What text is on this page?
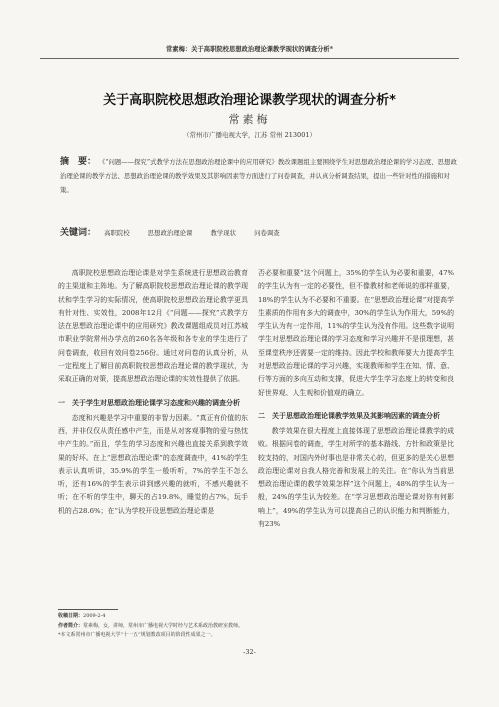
常素梅：关于高职院校思想政治理论课教学现状的调查分析*
关于高职院校思想政治理论课教学现状的调查分析*
常素梅
（常州市广播电视大学，江苏 常州 213001）
摘　要： 《“问题——探究”式教学方法在思想政治理论课中的应用研究》教改课题组主要围绕学生对思想政治理论课的学习态度、思想政治理论课的教学方法、思想政治理论课的教学效果及其影响因素等方面进行了问卷调查，并认真分析调查结果，提出一些针对性的措施和对策。
关键词： 高职院校	思想政治理论课	教学现状	问卷调查

高职院校思想政治理论课是对学生系统进行思想政治教育的主渠道和主阵地。为了解高职院校思想政治理论课的教学现状和学生学习的实际情况，使高职院校思想政治理论教学更具有针对性、实效性，2008年12月《“问题——探究”式教学方法在思想政治理论课中的应用研究》教改课题组成员对江苏城市职业学院常州办学点的260名各年级和各专业的学生进行了问卷调查，收回有效问卷256份。通过对问卷的认真分析，从一定程度上了解目前高职院校思想政治理论课的教学现状，为采取正确的对策，提高思想政治理论课的实效性提供了依据。

一　关于学生对思想政治理论课学习态度和兴趣的调查分析

态度和兴趣是学习中重要的非智力因素。“真正有价值的东西，并非仅仅从责任感中产生，而是从对客观事物的爱与热忱中产生的。”而且，学生的学习态度和兴趣也直接关系到教学效果的好坏。在上“思想政治理论课”的态度调查中，41%的学生表示认真听讲，35.9%的学生一般听听，7%的学生不怎么听，还有16%的学生表示讲到感兴趣的就听，不感兴趣就不听；在不听的学生中，聊天的占19.8%，睡觉的占7%，玩手机的占28.6%；在“认为学校开设思想政治理论课是

否必要和重要”这个问题上，35%的学生认为必要和重要，47%的学生认为有一定的必要性，但不像教材和老师说的那样重要，18%的学生认为不必要和不重要。在“思想政治理论课”对提高学生素质的作用有多大的调查中，30%的学生认为作用大，59%的学生认为有一定作用，11%的学生认为没有作用。这些数字说明学生对思想政治理论课的学习态度和学习兴趣并不是很理想，甚至课堂秩序还需要一定的维持。因此学校和教师要大力提高学生对思想政治理论课的学习兴趣，实现教师和学生在知、情、意、行等方面的多向互动和支撑，促进大学生学习态度上的转变和良好世界观、人生观和价值观的确立。

二　关于思想政治理论课教学效果及其影响因素的调查分析

教学效果在很大程度上直接体现了思想政治理论课教学的成败。根据问卷的调查，学生对所学的基本路线、方针和政策是比较支持的，对国内外时事也是非常关心的，但更多的是关心思想政治理论课对自我人格完善和发展上的关注。在“你认为当前思想政治理论课的教学效果怎样”这个问题上，48%的学生认为一般，24%的学生认为较差。在“学习思想政治理论课对你有何影响上”，49%的学生认为可以提高自己的认识能力和判断能力，有23%

收稿日期：2009-2-4
作者简介：常素梅，女，讲师，常州市广播电视大学时经与艺术系政治教研室教师。
*本文系常州市广播电视大学“十一五”规划教改项目的阶段性成果之一。
-32-
